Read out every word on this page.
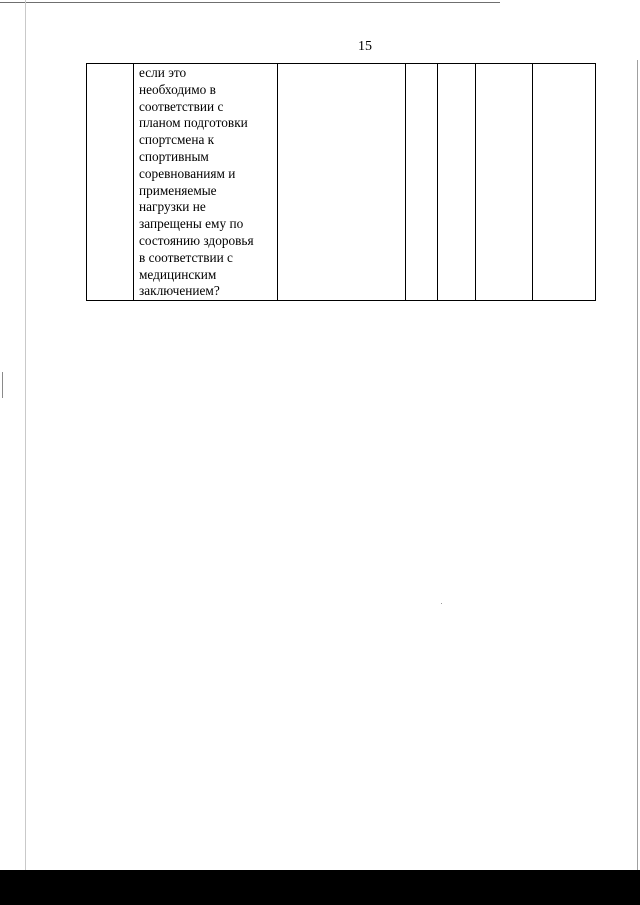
15

если это
необходимо в
соответствии с
планом подготовки
спортсмена к
спортивным
соревнованиям и
применяемые
нагрузки не
запрещены ему по
состоянию здоровья
в соответствии с
медицинским
заключением?
